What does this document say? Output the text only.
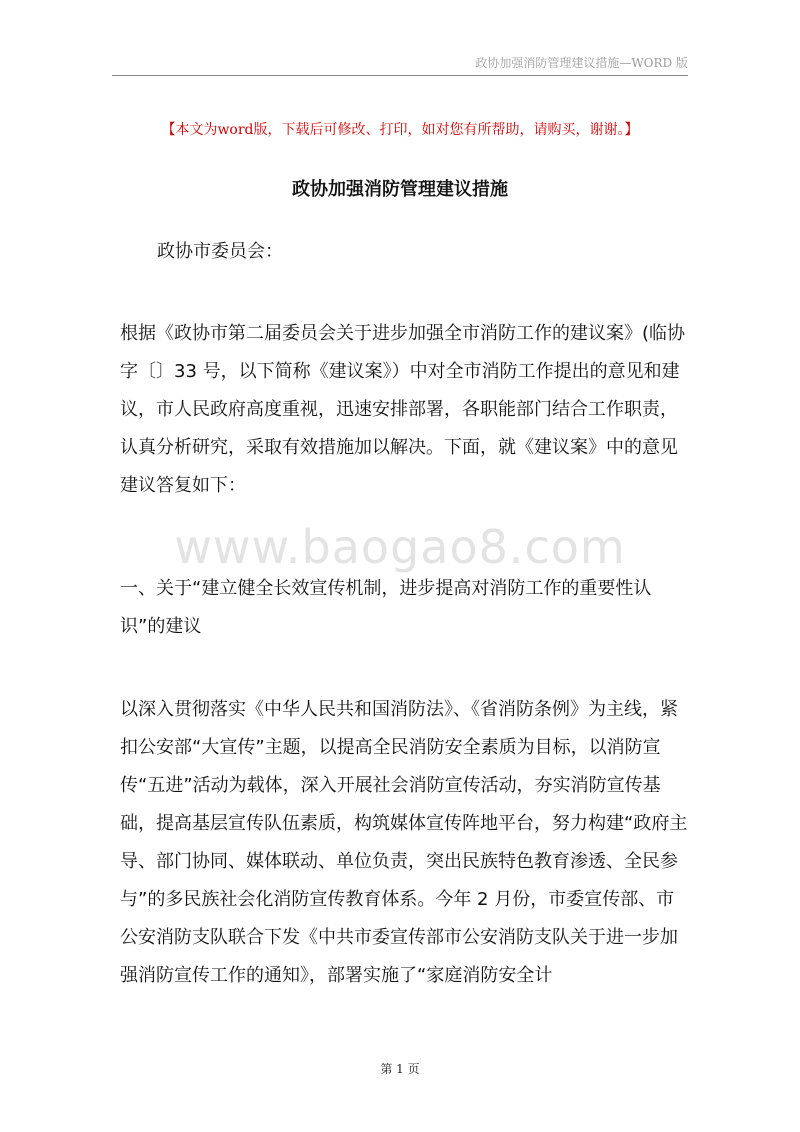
政协加强消防管理建议措施—WORD 版
【本文为word版，下载后可修改、打印，如对您有所帮助，请购买，谢谢。】
政协加强消防管理建议措施

政协市委员会：

根据《政协市第二届委员会关于进步加强全市消防工作的建议案》(临协字〔〕33 号，以下简称《建议案》）中对全市消防工作提出的意见和建议，市人民政府高度重视，迅速安排部署，各职能部门结合工作职责，认真分析研究，采取有效措施加以解决。下面，就《建议案》中的意见建议答复如下：

www.baogao8.com

一、关于“建立健全长效宣传机制，进步提高对消防工作的重要性认识”的建议

以深入贯彻落实《中华人民共和国消防法》、《省消防条例》为主线，紧扣公安部“大宣传”主题，以提高全民消防安全素质为目标，以消防宣传“五进”活动为载体，深入开展社会消防宣传活动，夯实消防宣传基础，提高基层宣传队伍素质，构筑媒体宣传阵地平台，努力构建“政府主导、部门协同、媒体联动、单位负责，突出民族特色教育渗透、全民参与”的多民族社会化消防宣传教育体系。今年 2 月份，市委宣传部、市公安消防支队联合下发《中共市委宣传部市公安消防支队关于进一步加强消防宣传工作的通知》，部署实施了“家庭消防安全计

第 1 页
